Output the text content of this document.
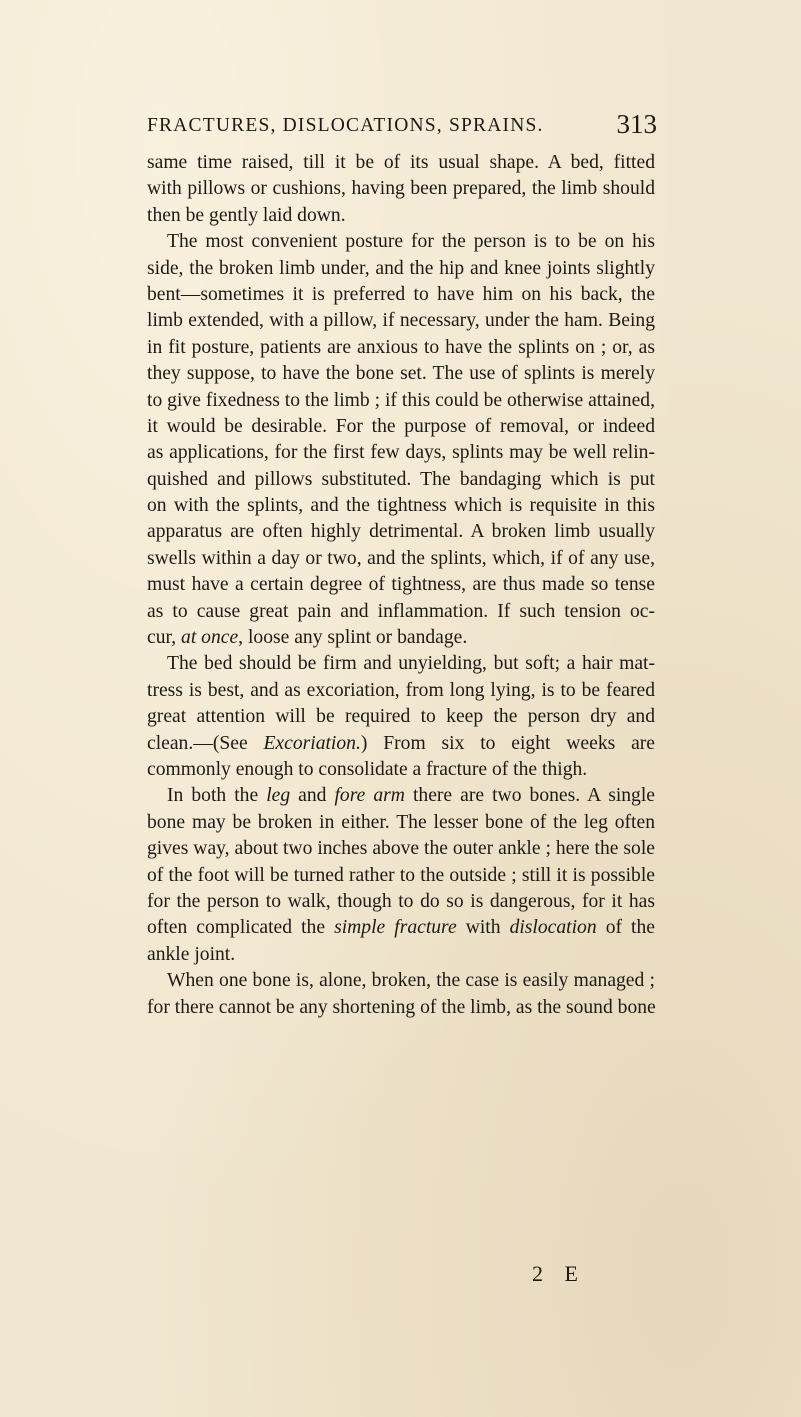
FRACTURES, DISLOCATIONS, SPRAINS.	313
same time raised, till it be of its usual shape. A bed, fitted
with pillows or cushions, having been prepared, the limb should
then be gently laid down.
The most convenient posture for the person is to be on his
side, the broken limb under, and the hip and knee joints slightly
bent—sometimes it is preferred to have him on his back, the
limb extended, with a pillow, if necessary, under the ham. Being
in fit posture, patients are anxious to have the splints on ; or, as
they suppose, to have the bone set. The use of splints is merely
to give fixedness to the limb ; if this could be otherwise attained,
it would be desirable. For the purpose of removal, or indeed
as applications, for the first few days, splints may be well relin-
quished and pillows substituted. The bandaging which is put
on with the splints, and the tightness which is requisite in this
apparatus are often highly detrimental. A broken limb usually
swells within a day or two, and the splints, which, if of any use,
must have a certain degree of tightness, are thus made so tense
as to cause great pain and inflammation. If such tension oc-
cur, at once, loose any splint or bandage.
The bed should be firm and unyielding, but soft; a hair mat-
tress is best, and as excoriation, from long lying, is to be feared
great attention will be required to keep the person dry and
clean.—(See Excoriation.) From six to eight weeks are
commonly enough to consolidate a fracture of the thigh.
In both the leg and fore arm there are two bones. A single
bone may be broken in either. The lesser bone of the leg often
gives way, about two inches above the outer ankle ; here the sole
of the foot will be turned rather to the outside ; still it is possible
for the person to walk, though to do so is dangerous, for it has
often complicated the simple fracture with dislocation of the
ankle joint.
When one bone is, alone, broken, the case is easily managed ;
for there cannot be any shortening of the limb, as the sound bone
2 E
